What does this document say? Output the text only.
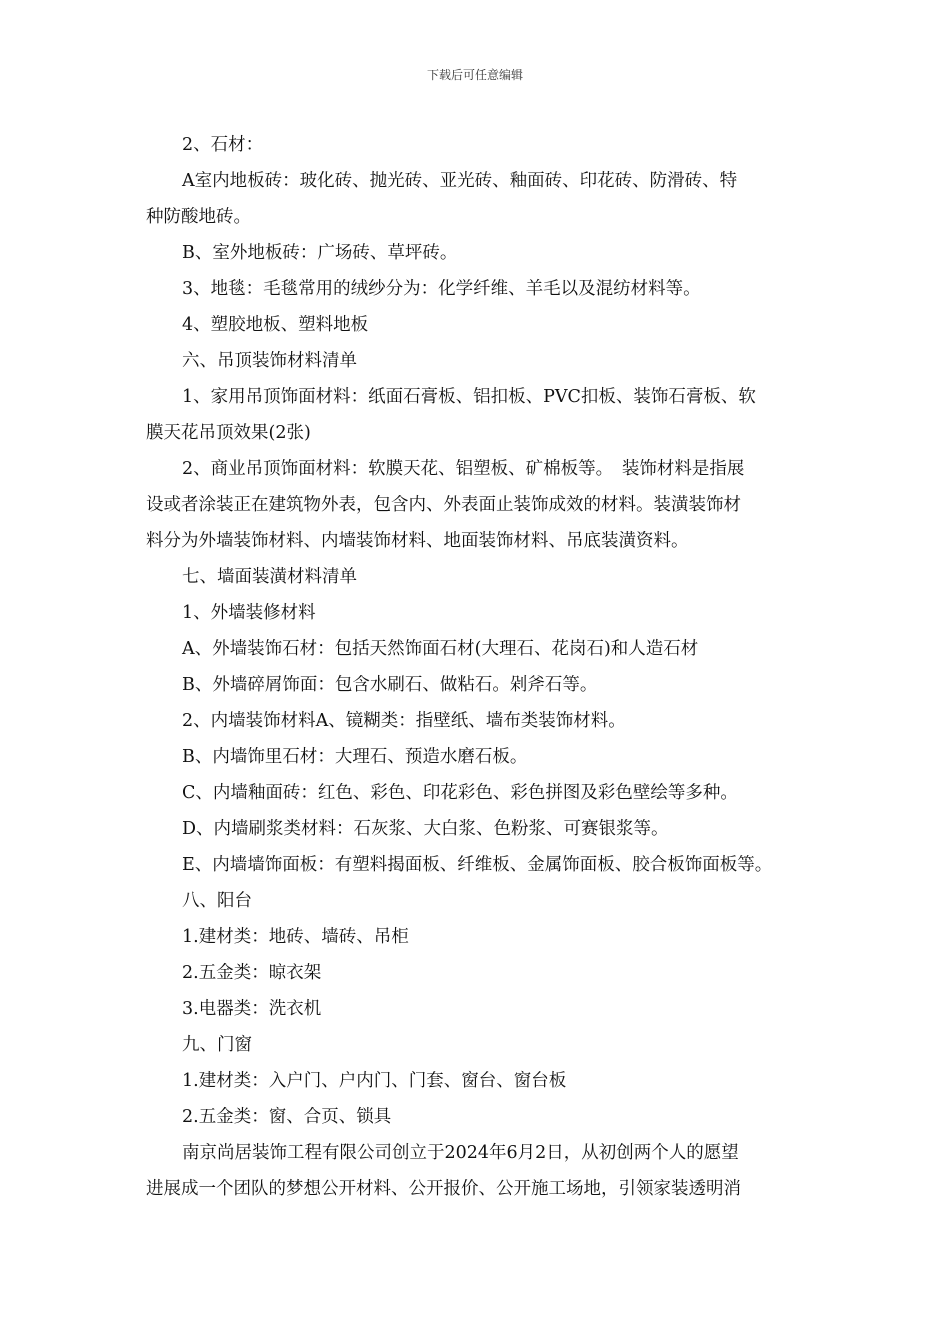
下载后可任意编辑
2、石材：
A室内地板砖：玻化砖、抛光砖、亚光砖、釉面砖、印花砖、防滑砖、特
种防酸地砖。
B、室外地板砖：广场砖、草坪砖。
3、地毯：毛毯常用的绒纱分为：化学纤维、羊毛以及混纺材料等。
4、塑胶地板、塑料地板
六、吊顶装饰材料清单
1、家用吊顶饰面材料：纸面石膏板、铝扣板、PVC扣板、装饰石膏板、软
膜天花吊顶效果(2张)
2、商业吊顶饰面材料：软膜天花、铝塑板、矿棉板等。　装饰材料是指展
设或者涂装正在建筑物外表，包含内、外表面止装饰成效的材料。装潢装饰材
料分为外墙装饰材料、内墙装饰材料、地面装饰材料、吊底装潢资料。
七、墙面装潢材料清单
1、外墙装修材料
A、外墙装饰石材：包括天然饰面石材(大理石、花岗石)和人造石材
B、外墙碎屑饰面：包含水刷石、做粘石。剁斧石等。
2、内墙装饰材料A、镜糊类：指壁纸、墙布类装饰材料。
B、内墙饰里石材：大理石、预造水磨石板。
C、内墙釉面砖：红色、彩色、印花彩色、彩色拼图及彩色壁绘等多种。
D、内墙刷浆类材料：石灰浆、大白浆、色粉浆、可赛银浆等。
E、内墙墙饰面板：有塑料揭面板、纤维板、金属饰面板、胶合板饰面板等。
八、阳台
1.建材类：地砖、墙砖、吊柜
2.五金类：晾衣架
3.电器类：洗衣机
九、门窗
1.建材类：入户门、户内门、门套、窗台、窗台板
2.五金类：窗、合页、锁具
南京尚居装饰工程有限公司创立于2024年6月2日，从初创两个人的愿望
进展成一个团队的梦想公开材料、公开报价、公开施工场地，引领家装透明消
